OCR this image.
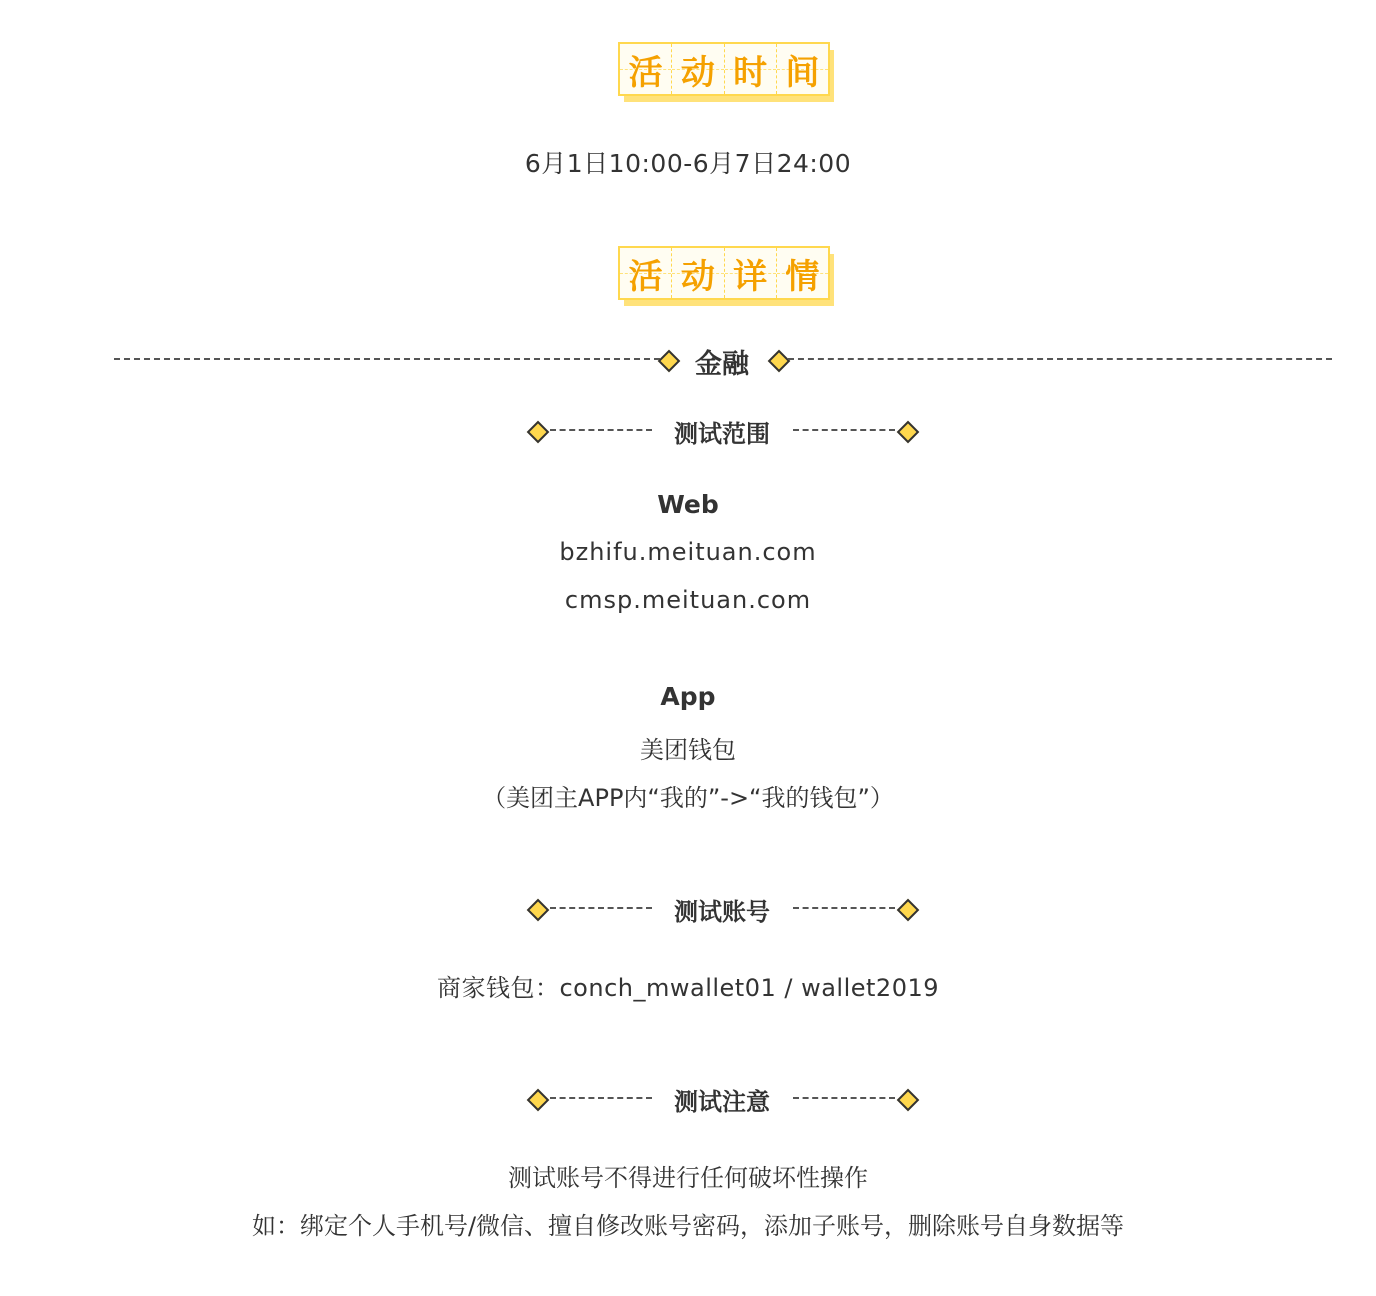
活 动 时 间
6月1日10:00-6月7日24:00
活 动 详 情
金融
测试范围
Web
bzhifu.meituan.com
cmsp.meituan.com
App
美团钱包
（美团主APP内“我的”->“我的钱包”）
测试账号
商家钱包：conch_mwallet01 / wallet2019
测试注意
测试账号不得进行任何破坏性操作
如：绑定个人手机号/微信、擅自修改账号密码，添加子账号，删除账号自身数据等
